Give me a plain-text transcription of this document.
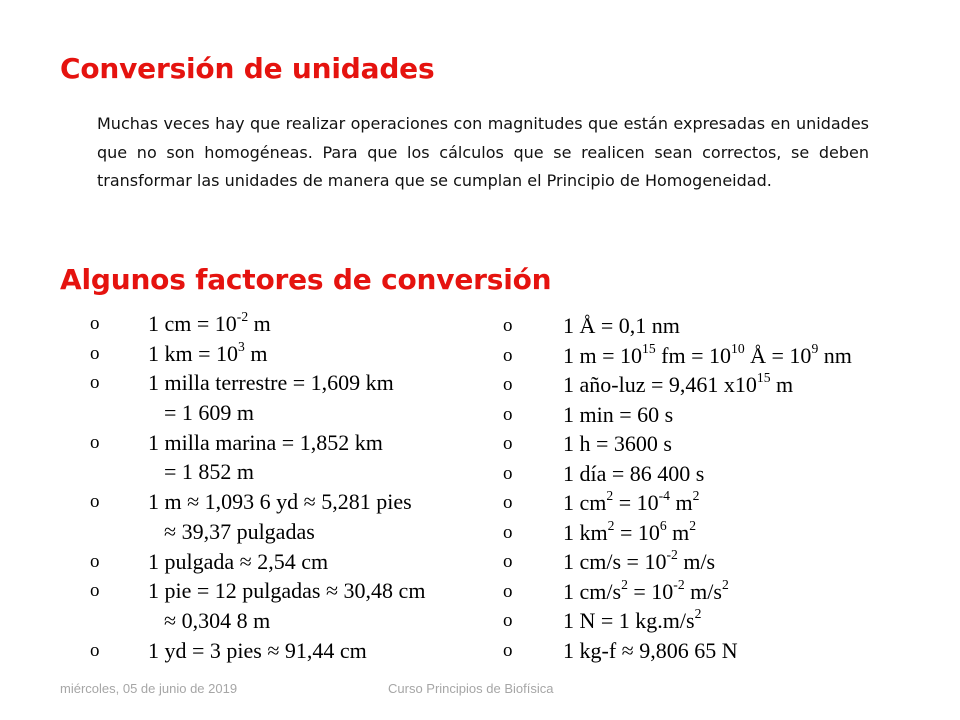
Conversión de unidades
Muchas veces hay que realizar operaciones con magnitudes que están expresadas en unidades que no son homogéneas. Para que los cálculos que se realicen sean correctos, se deben transformar las unidades de manera que se cumplan el Principio de Homogeneidad.
Algunos factores de conversión
o 1 cm = $10^{-2}$ m
o 1 km = $10^3$ m
o 1 milla terrestre = 1,609 km
= 1 609 m
o 1 milla marina = 1,852 km
= 1 852 m
o 1 m ≈ 1,093 6 yd ≈ 5,281 pies
≈ 39,37 pulgadas
o 1 pulgada ≈ 2,54 cm
o 1 pie = 12 pulgadas ≈ 30,48 cm
≈ 0,304 8 m
o 1 yd = 3 pies ≈ 91,44 cm
o 1 Å = 0,1 nm
o 1 $m = 10^{15}$ fm = $10^{10}$ Å = $10^9$ nm
o 1 año-luz = 9,461 $x10^{15}$ m
o 1 min = 60 s
o 1 h = 3600 s
o 1 día = 86 400 s
o 1 $cm^2 = 10^{-4}$ $m^2$
o 1 $km^2 = 10^6$ $m^2$
o 1 $cm/s = 10^{-2}$ m/s
o 1 $cm/s^2 = 10^{-2}$ $m/s^2$
o 1 N = 1 $kg.m/s^2$
o 1 kg-f ≈ 9,806 65 N
miércoles, 05 de junio de 2019	Curso Principios de Biofísica
